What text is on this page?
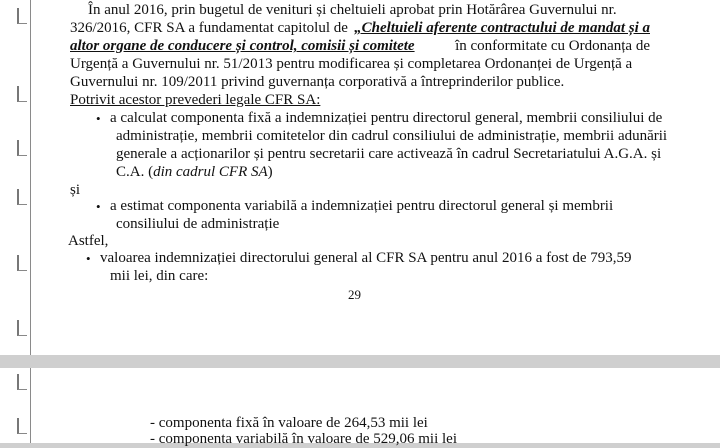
În anul 2016, prin bugetul de venituri și cheltuieli aprobat prin Hotărârea Guvernului nr.
326/2016, CFR SA a fundamentat capitolul de „Cheltuieli aferente contractului de mandat și a
altor organe de conducere și control, comisii și comitete	în conformitate cu Ordonanța de
Urgență a Guvernului nr. 51/2013 pentru modificarea și completarea Ordonanței de Urgență a
Guvernului nr. 109/2011 privind guvernanța corporativă a întreprinderilor publice.
Potrivit acestor prevederi legale CFR SA:
• a calculat componenta fixă a indemnizației pentru directorul general, membrii consiliului de
administrație, membrii comitetelor din cadrul consiliului de administrație, membrii adunării
generale a acționarilor și pentru secretarii care activează în cadrul Secretariatului A.G.A. și
C.A. (din cadrul CFR SA)
și
• a estimat componenta variabilă a indemnizației pentru directorul general și membrii
consiliului de administrație
Astfel,
• valoarea indemnizației directorului general al CFR SA pentru anul 2016 a fost de 793,59
mii lei, din care:
29
- componenta fixă în valoare de 264,53 mii lei
- componenta variabilă în valoare de 529,06 mii lei
